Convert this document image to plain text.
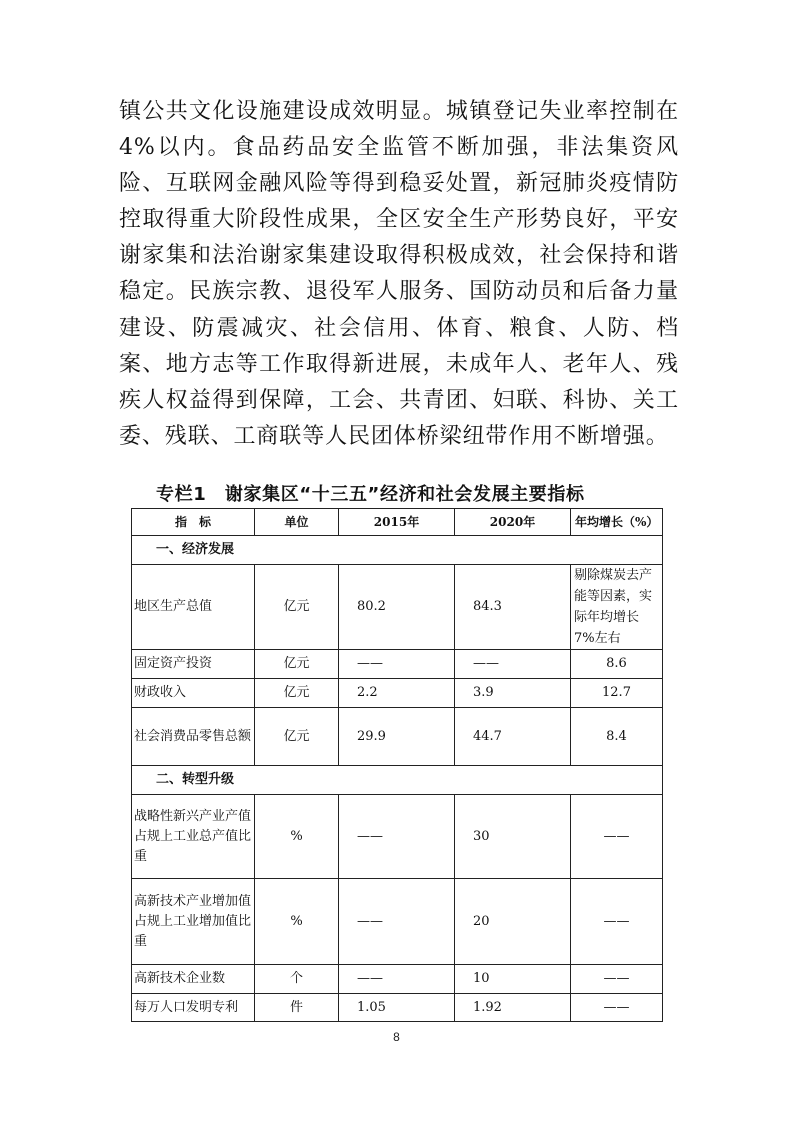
镇公共文化设施建设成效明显。城镇登记失业率控制在 4%以内。食品药品安全监管不断加强，非法集资风险、互联网金融风险等得到稳妥处置，新冠肺炎疫情防控取得重大阶段性成果，全区安全生产形势良好，平安谢家集和法治谢家集建设取得积极成效，社会保持和谐稳定。民族宗教、退役军人服务、国防动员和后备力量建设、防震减灾、社会信用、体育、粮食、人防、档案、地方志等工作取得新进展，未成年人、老年人、残疾人权益得到保障，工会、共青团、妇联、科协、关工委、残联、工商联等人民团体桥梁纽带作用不断增强。

专栏1　谢家集区“十三五”经济和社会发展主要指标
指　标	单位	2015年	2020年	年均增长（%）
一、经济发展				
地区生产总值	亿元	80.2	84.3	剔除煤炭去产能等因素，实际年均增长 7%左右
固定资产投资	亿元	——	——	8.6
财政收入	亿元	2.2	3.9	12.7
社会消费品零售总额	亿元	29.9	44.7	8.4
二、转型升级				
战略性新兴产业产值占规上工业总产值比重	%	——	30	——
高新技术产业增加值占规上工业增加值比重	%	——	20	——
高新技术企业数	个	——	10	——
每万人口发明专利	件	1.05	1.92	——
8
